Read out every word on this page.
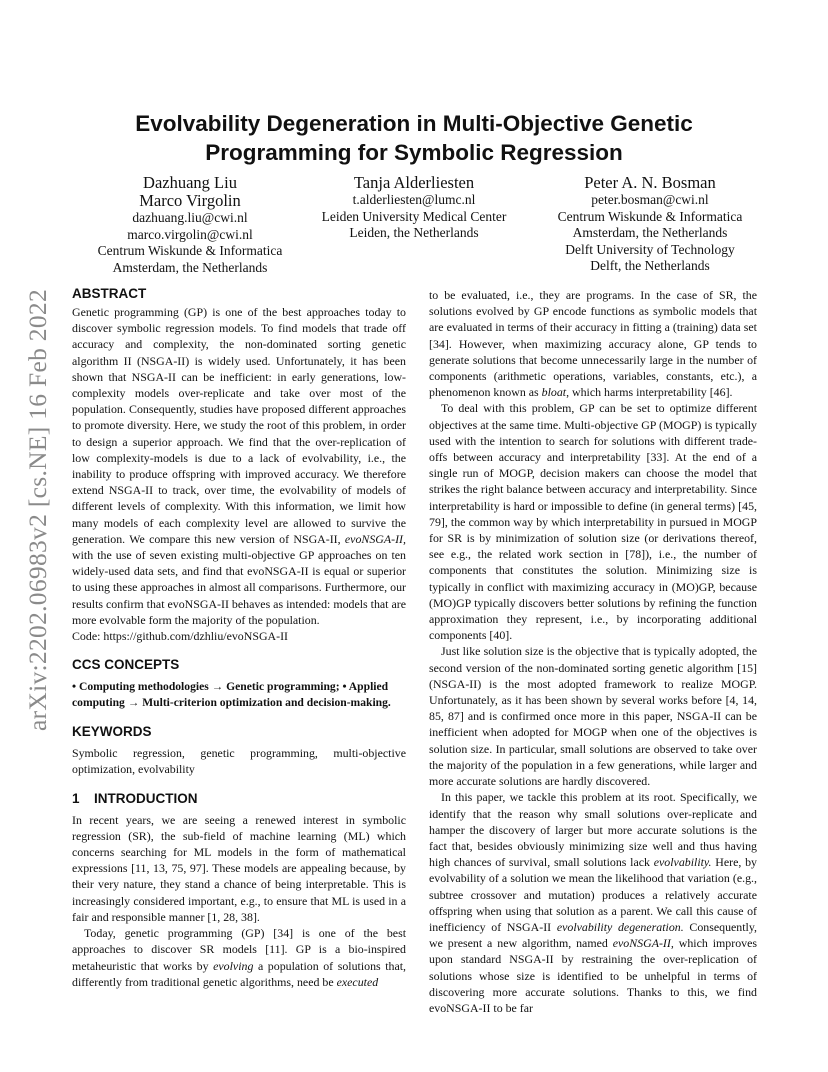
arXiv:2202.06983v2 [cs.NE] 16 Feb 2022
Evolvability Degeneration in Multi-Objective Genetic Programming for Symbolic Regression
Dazhuang Liu
Marco Virgolin
dazhuang.liu@cwi.nl
marco.virgolin@cwi.nl
Centrum Wiskunde & Informatica
Amsterdam, the Netherlands
Tanja Alderliesten
t.alderliesten@lumc.nl
Leiden University Medical Center
Leiden, the Netherlands
Peter A. N. Bosman
peter.bosman@cwi.nl
Centrum Wiskunde & Informatica
Amsterdam, the Netherlands
Delft University of Technology
Delft, the Netherlands
ABSTRACT

Genetic programming (GP) is one of the best approaches today to discover symbolic regression models. To find models that trade off accuracy and complexity, the non-dominated sorting genetic algorithm II (NSGA-II) is widely used. Unfortunately, it has been shown that NSGA-II can be inefficient: in early generations, low-complexity models over-replicate and take over most of the population. Consequently, studies have proposed different approaches to promote diversity. Here, we study the root of this problem, in order to design a superior approach. We find that the over-replication of low complexity-models is due to a lack of evolvability, i.e., the inability to produce offspring with improved accuracy. We therefore extend NSGA-II to track, over time, the evolvability of models of different levels of complexity. With this information, we limit how many models of each complexity level are allowed to survive the generation. We compare this new version of NSGA-II, evoNSGA-II, with the use of seven existing multi-objective GP approaches on ten widely-used data sets, and find that evoNSGA-II is equal or superior to using these approaches in almost all comparisons. Furthermore, our results confirm that evoNSGA-II behaves as intended: models that are more evolvable form the majority of the population.

Code: https://github.com/dzhliu/evoNSGA-II

CCS CONCEPTS

• Computing methodologies → Genetic programming; • Applied computing → Multi-criterion optimization and decision-making.

KEYWORDS

Symbolic regression, genetic programming, multi-objective optimization, evolvability

1 INTRODUCTION

In recent years, we are seeing a renewed interest in symbolic regression (SR), the sub-field of machine learning (ML) which concerns searching for ML models in the form of mathematical expressions [11, 13, 75, 97]. These models are appealing because, by their very nature, they stand a chance of being interpretable. This is increasingly considered important, e.g., to ensure that ML is used in a fair and responsible manner [1, 28, 38].

Today, genetic programming (GP) [34] is one of the best approaches to discover SR models [11]. GP is a bio-inspired metaheuristic that works by evolving a population of solutions that, differently from traditional genetic algorithms, need be executed

to be evaluated, i.e., they are programs. In the case of SR, the solutions evolved by GP encode functions as symbolic models that are evaluated in terms of their accuracy in fitting a (training) data set [34]. However, when maximizing accuracy alone, GP tends to generate solutions that become unnecessarily large in the number of components (arithmetic operations, variables, constants, etc.), a phenomenon known as bloat, which harms interpretability [46].

To deal with this problem, GP can be set to optimize different objectives at the same time. Multi-objective GP (MOGP) is typically used with the intention to search for solutions with different trade-offs between accuracy and interpretability [33]. At the end of a single run of MOGP, decision makers can choose the model that strikes the right balance between accuracy and interpretability. Since interpretability is hard or impossible to define (in general terms) [45, 79], the common way by which interpretability in pursued in MOGP for SR is by minimization of solution size (or derivations thereof, see e.g., the related work section in [78]), i.e., the number of components that constitutes the solution. Minimizing size is typically in conflict with maximizing accuracy in (MO)GP, because (MO)GP typically discovers better solutions by refining the function approximation they represent, i.e., by incorporating additional components [40].

Just like solution size is the objective that is typically adopted, the second version of the non-dominated sorting genetic algorithm [15] (NSGA-II) is the most adopted framework to realize MOGP. Unfortunately, as it has been shown by several works before [4, 14, 85, 87] and is confirmed once more in this paper, NSGA-II can be inefficient when adopted for MOGP when one of the objectives is solution size. In particular, small solutions are observed to take over the majority of the population in a few generations, while larger and more accurate solutions are hardly discovered.

In this paper, we tackle this problem at its root. Specifically, we identify that the reason why small solutions over-replicate and hamper the discovery of larger but more accurate solutions is the fact that, besides obviously minimizing size well and thus having high chances of survival, small solutions lack evolvability. Here, by evolvability of a solution we mean the likelihood that variation (e.g., subtree crossover and mutation) produces a relatively accurate offspring when using that solution as a parent. We call this cause of inefficiency of NSGA-II evolvability degeneration. Consequently, we present a new algorithm, named evoNSGA-II, which improves upon standard NSGA-II by restraining the over-replication of solutions whose size is identified to be unhelpful in terms of discovering more accurate solutions. Thanks to this, we find evoNSGA-II to be far
